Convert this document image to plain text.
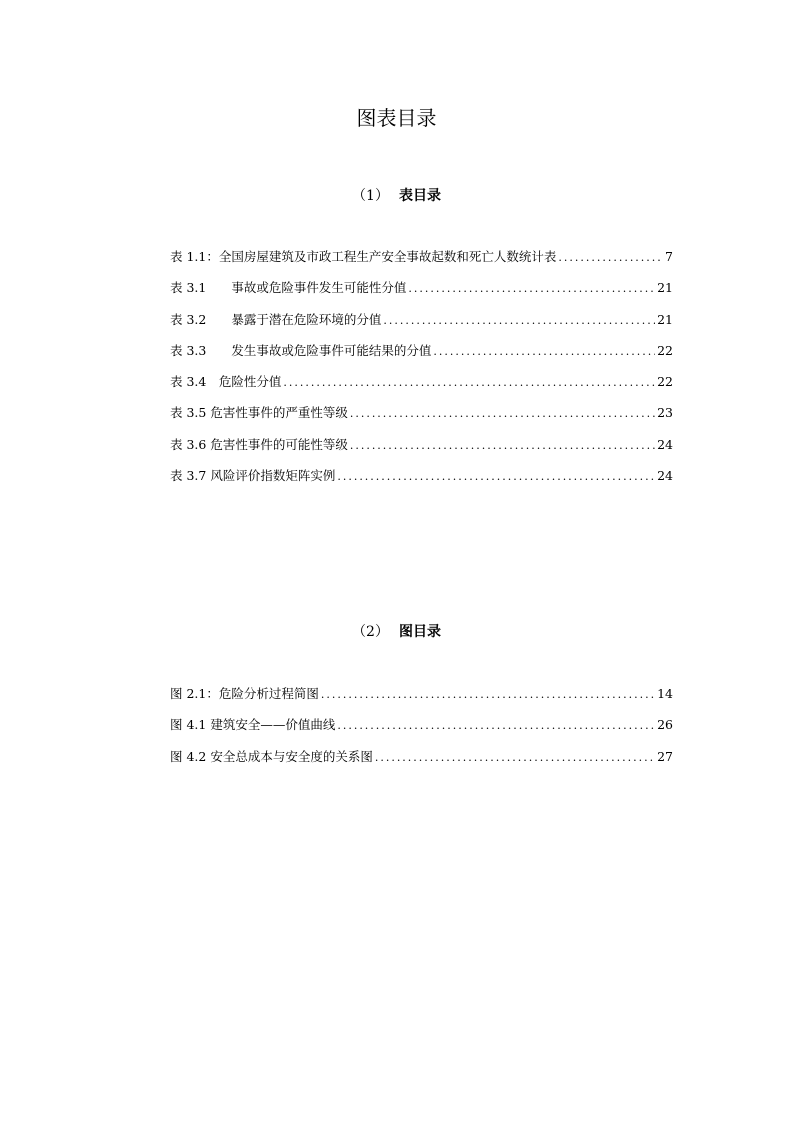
图表目录
（1） 表目录
表 1.1：全国房屋建筑及市政工程生产安全事故起数和死亡人数统计表 .....	7
表 3.1　　事故或危险事件发生可能性分值 .....	21
表 3.2　　暴露于潜在危险环境的分值 .....	21
表 3.3　　发生事故或危险事件可能结果的分值 .....	22
表 3.4　危险性分值 .....	22
表 3.5 危害性事件的严重性等级 .....	23
表 3.6 危害性事件的可能性等级 .....	24
表 3.7 风险评价指数矩阵实例 .....	24
（2） 图目录
图 2.1：危险分析过程简图 .....	14
图 4.1 建筑安全——价值曲线 .....	26
图 4.2 安全总成本与安全度的关系图 .....	27
